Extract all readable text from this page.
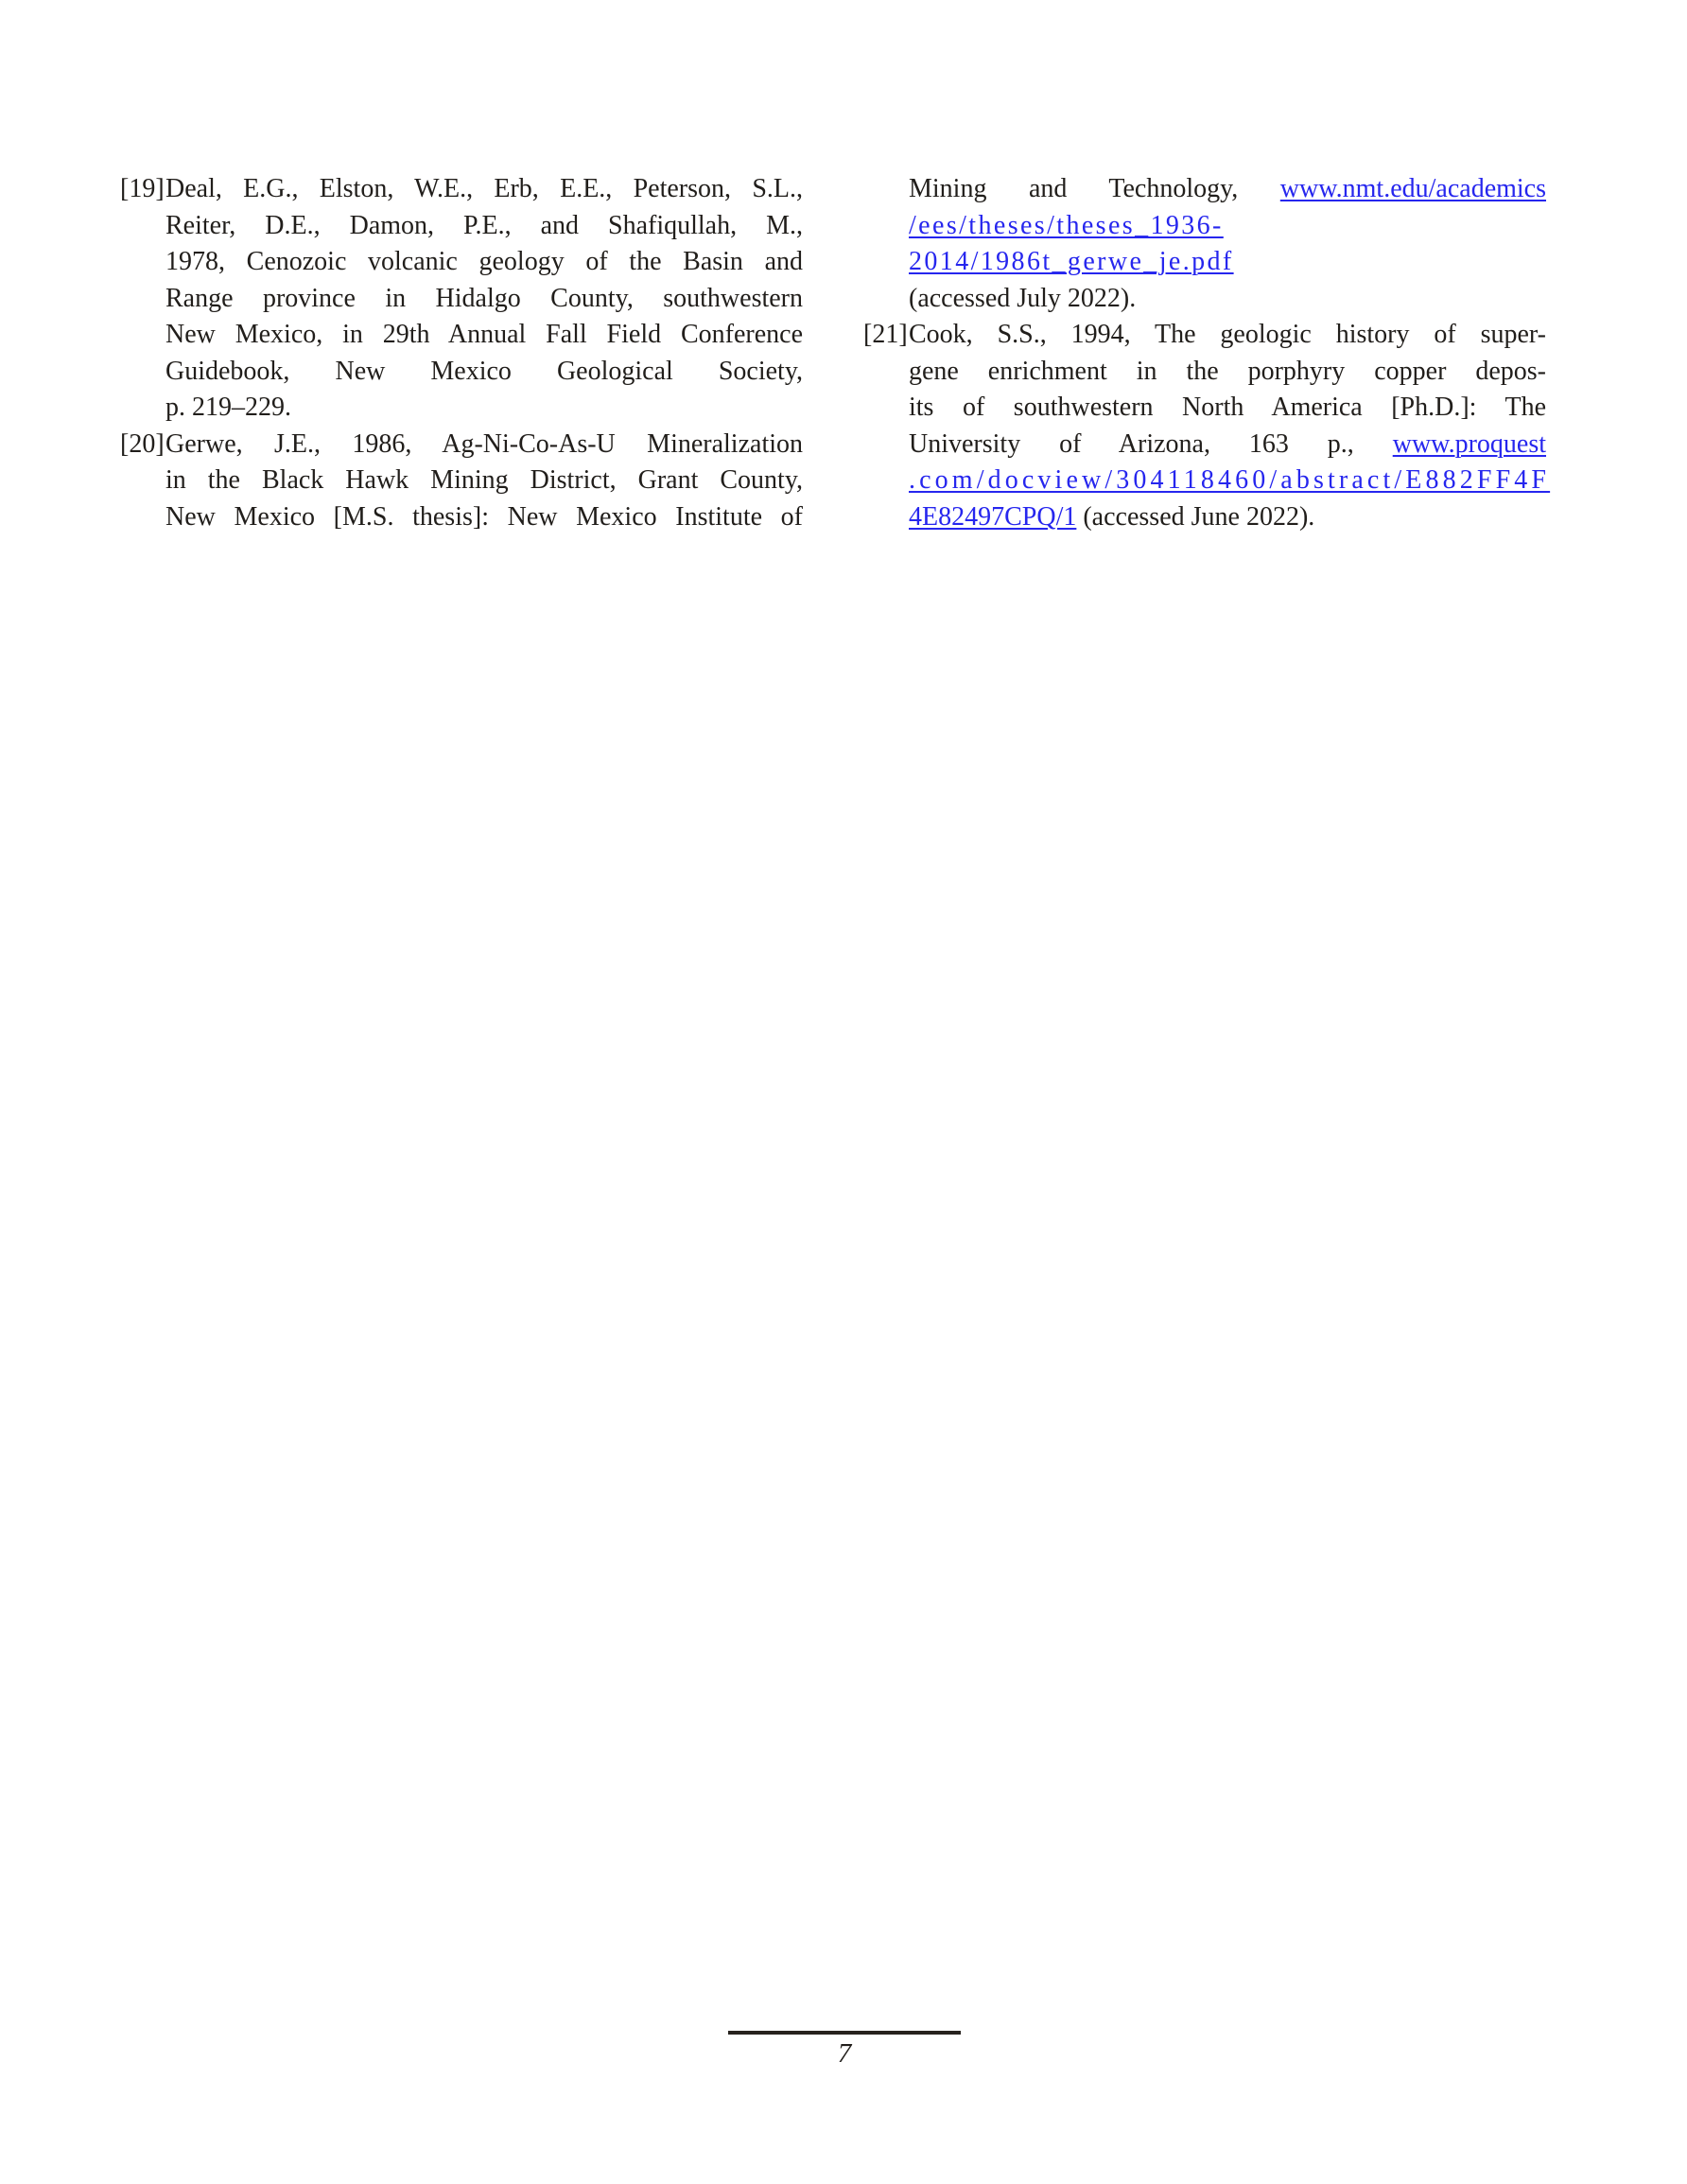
[19] Deal, E.G., Elston, W.E., Erb, E.E., Peterson, S.L.,
Reiter, D.E., Damon, P.E., and Shafiqullah, M.,
1978, Cenozoic volcanic geology of the Basin and
Range province in Hidalgo County, southwestern
New Mexico, in 29th Annual Fall Field Conference
Guidebook, New Mexico Geological Society,
p. 219–229.
[20] Gerwe, J.E., 1986, Ag-Ni-Co-As-U Mineralization
in the Black Hawk Mining District, Grant County,
New Mexico [M.S. thesis]: New Mexico Institute of
Mining and Technology, www.nmt.edu/academics
/ees/theses/theses_1936-2014/1986t_gerwe_je.pdf
(accessed July 2022).
[21] Cook, S.S., 1994, The geologic history of super-
gene enrichment in the porphyry copper depos-
its of southwestern North America [Ph.D.]: The
University of Arizona, 163 p., www.proquest
.com/docview/304118460/abstract/E882FF4F
4E82497CPQ/1 (accessed June 2022).
7
